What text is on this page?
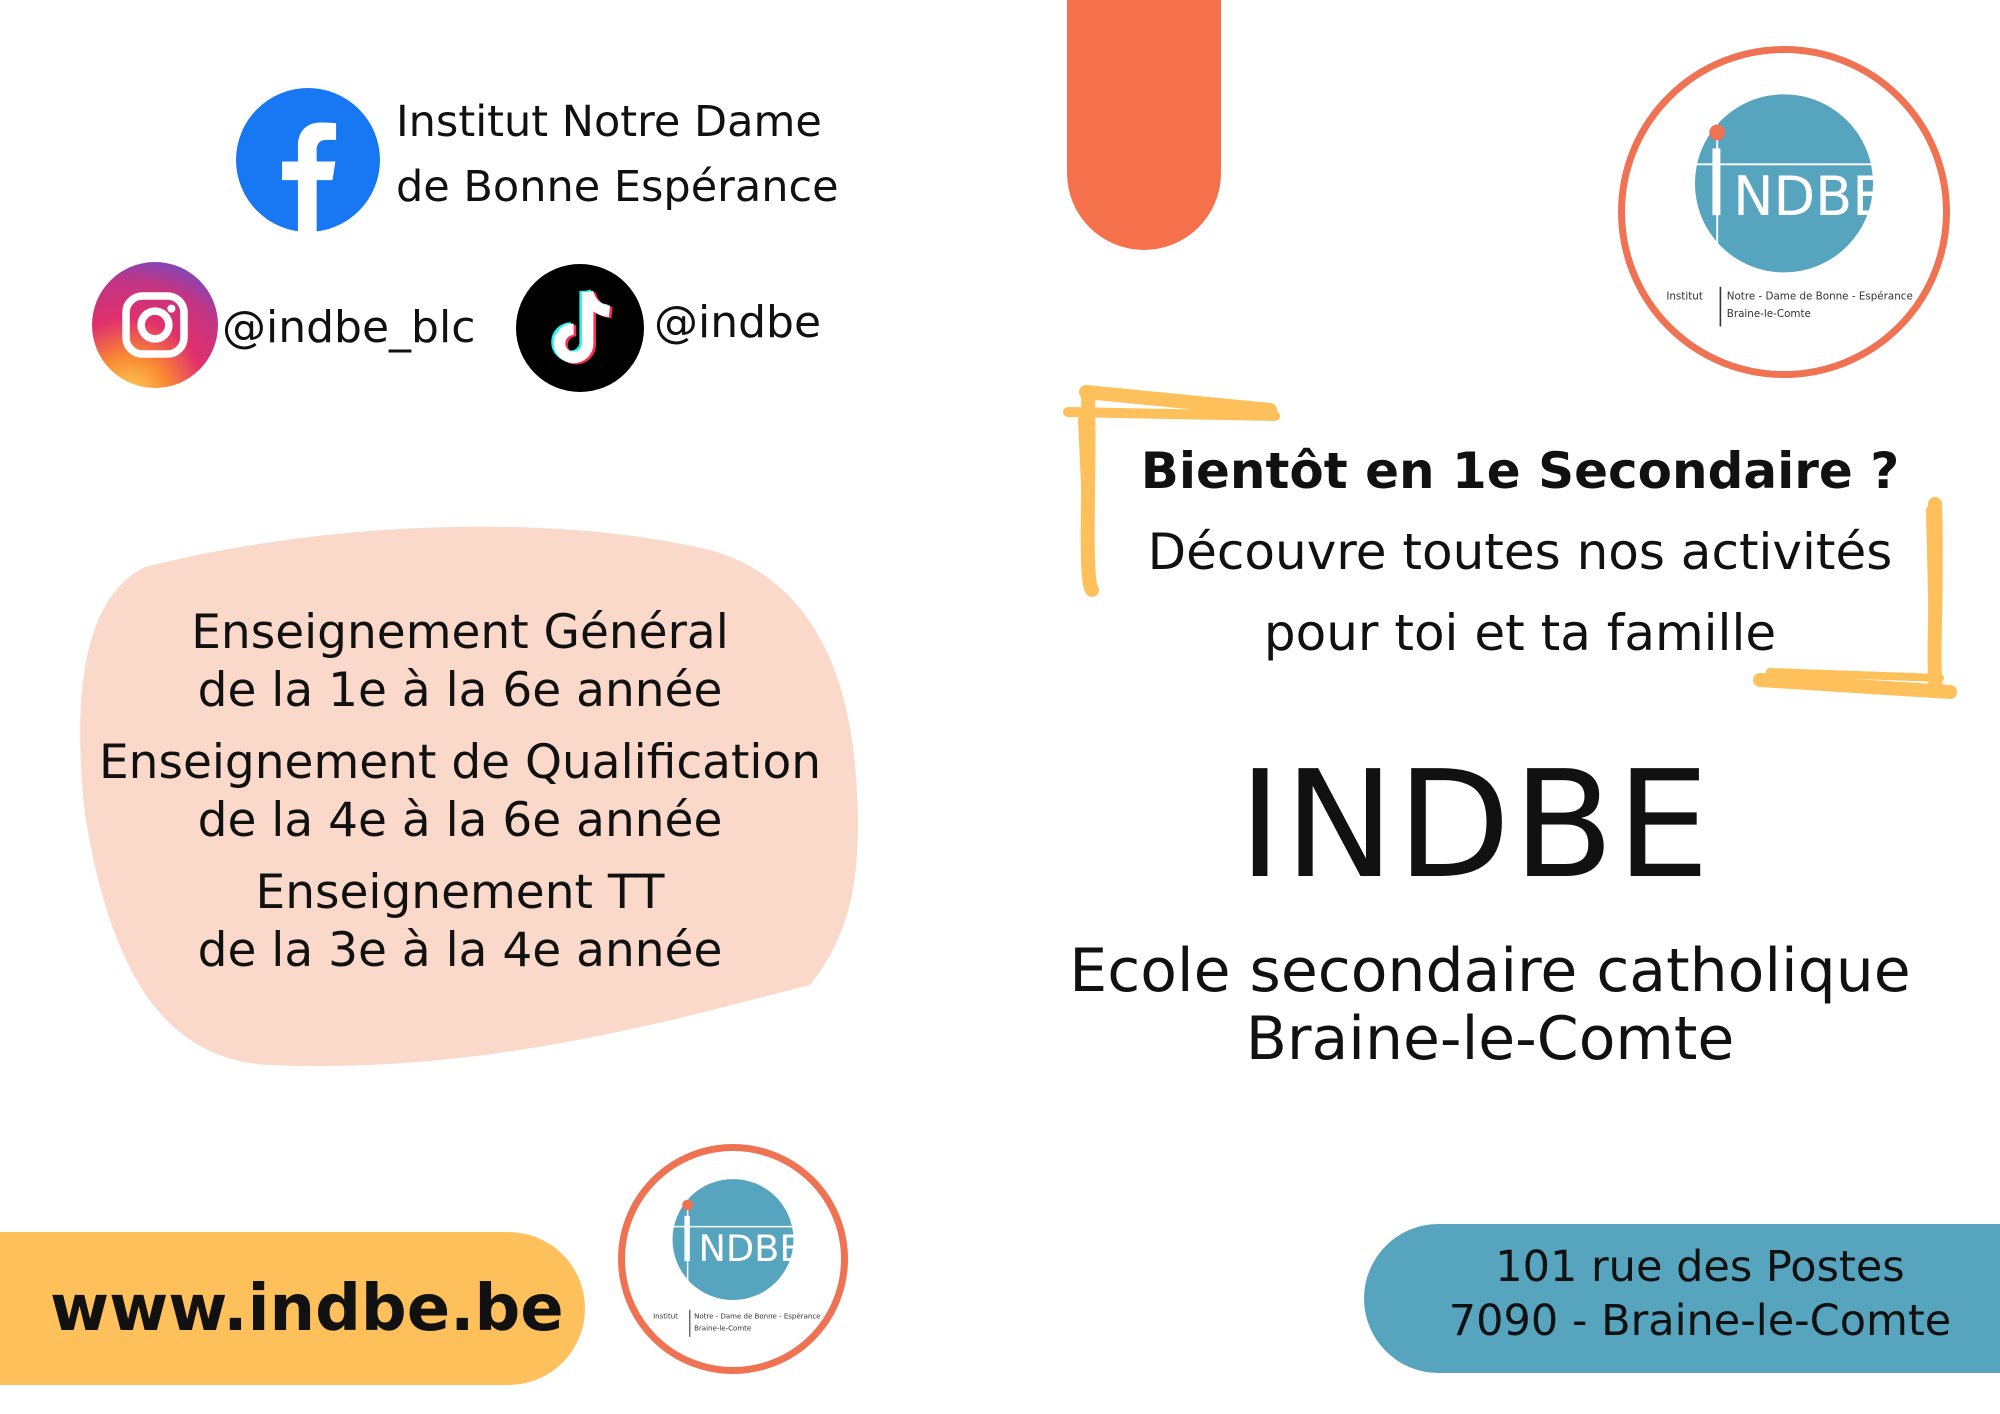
Institut Notre Dame
de Bonne Espérance
@indbe_blc	@indbe
Enseignement Général
de la 1e à la 6e année
Enseignement de Qualification
de la 4e à la 6e année
Enseignement TT
de la 3e à la 4e année
www.indbe.be
NDBE
Institut Notre - Dame de Bonne - Espérance
Braine-le-Comte
NDBE
Institut	Notre - Dame de Bonne - Espérance
Braine-le-Comte
Bientôt en 1e Secondaire ?
Découvre toutes nos activités
pour toi et ta famille
INDBE
Ecole secondaire catholique
Braine-le-Comte
101 rue des Postes
7090 - Braine-le-Comte
